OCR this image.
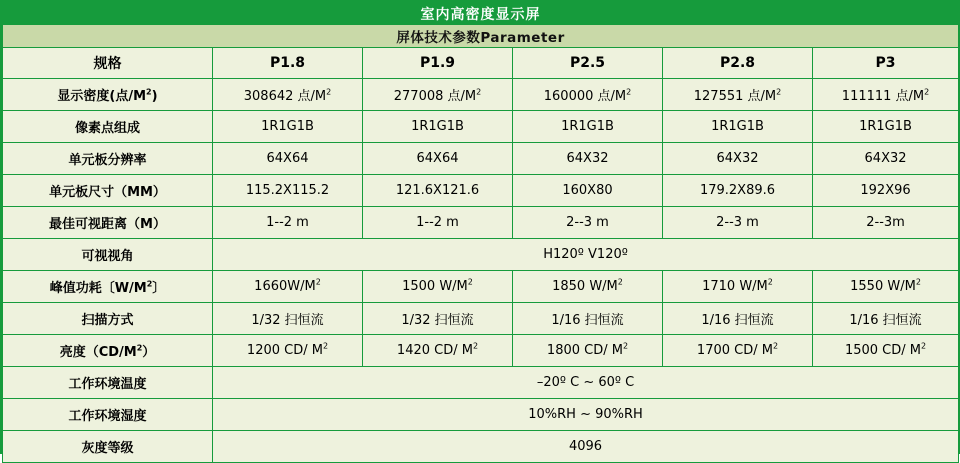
室内高密度显示屏					
屏体技术参数Parameter					
规格	P1.8	P1.9	P2.5	P2.8	P3
显示密度(点$/M^2$)	308642 点$/M^2$	277008 点$/M^2$	160000 点$/M^2$	127551 点$/M^2$	111111 点$/M^2$
像素点组成	1R1G1B	1R1G1B	1R1G1B	1R1G1B	1R1G1B
单元板分辨率	64X64	64X64	64X32	64X32	64X32
单元板尺寸（MM）	115.2X115.2	121.6X121.6	160X80	179.2X89.6	192X96
最佳可视距离（M）	1--2 m	1--2 m	2--3 m	2--3 m	2--3m
可视视角	H120º V120º				
峰值功耗〔$W/M^2$〕	$1660W/M^2$	1500 $W/M^2$	1850 $W/M^2$	1710 $W/M^2$	1550 $W/M^2$
扫描方式	1/32 扫恒流	1/32 扫恒流	1/16 扫恒流	1/16 扫恒流	1/16 扫恒流
亮度$(CD/M^2)$	1200 CD/ $M^2$	1420 CD/ $M^2$	1800 CD/ $M^2$	1700 CD/ $M^2$	1500 CD/ $M^2$
工作环境温度	–20º C ~ 60º C				
工作环境湿度	10%RH ~ 90%RH				
灰度等级	4096				
